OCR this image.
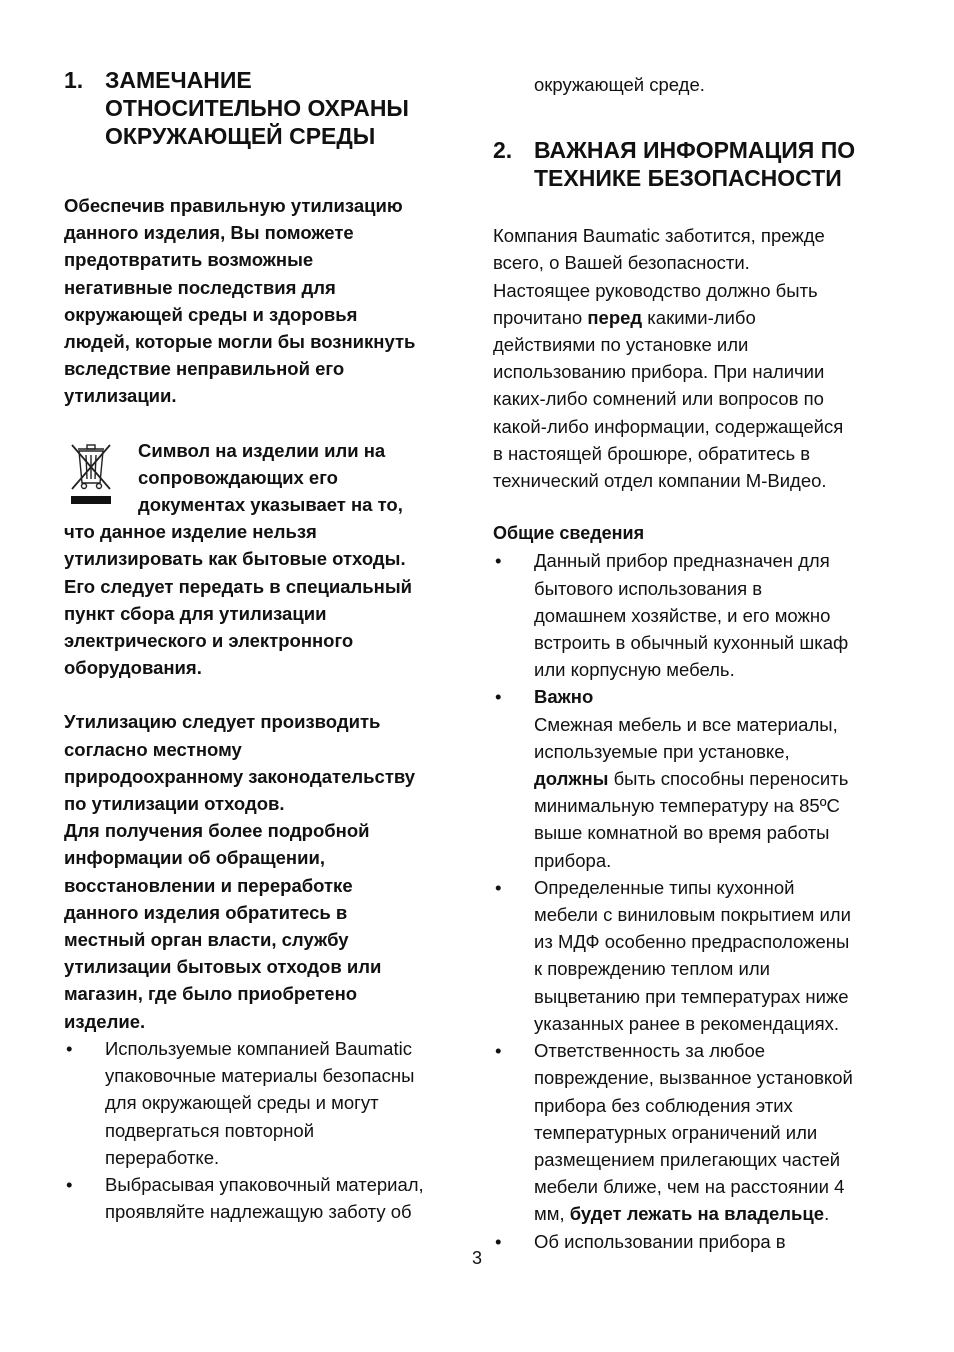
1. ЗАМЕЧАНИЕ
ОТНОСИТЕЛЬНО ОХРАНЫ
ОКРУЖАЮЩЕЙ СРЕДЫ

Обеспечив правильную утилизацию
данного изделия, Вы поможете
предотвратить возможные
негативные последствия для
окружающей среды и здоровья
людей, которые могли бы возникнуть
вследствие неправильной его
утилизации.

Символ на изделии или на
сопровождающих его
документах указывает на то,
что данное изделие нельзя
утилизировать как бытовые отходы.
Его следует передать в специальный
пункт сбора для утилизации
электрического и электронного
оборудования.

Утилизацию следует производить
согласно местному
природоохранному законодательству
по утилизации отходов.
Для получения более подробной
информации об обращении,
восстановлении и переработке
данного изделия обратитесь в
местный орган власти, службу
утилизации бытовых отходов или
магазин, где было приобретено
изделие.

• Используемые компанией Baumatic
упаковочные материалы безопасны
для окружающей среды и могут
подвергаться повторной
переработке.
• Выбрасывая упаковочный материал,
проявляйте надлежащую заботу об

окружающей среде.

2. ВАЖНАЯ ИНФОРМАЦИЯ ПО
ТЕХНИКЕ БЕЗОПАСНОСТИ

Компания Baumatic заботится, прежде
всего, о Вашей безопасности.
Настоящее руководство должно быть
прочитано перед какими-либо
действиями по установке или
использованию прибора. При наличии
каких-либо сомнений или вопросов по
какой-либо информации, содержащейся
в настоящей брошюре, обратитесь в
технический отдел компании М-Видео.

Общие сведения
• Данный прибор предназначен для
бытового использования в
домашнем хозяйстве, и его можно
встроить в обычный кухонный шкаф
или корпусную мебель.
• Важно
Смежная мебель и все материалы,
используемые при установке,
должны быть способны переносить
минимальную температуру на 85ºC
выше комнатной во время работы
прибора.
• Определенные типы кухонной
мебели с виниловым покрытием или
из МДФ особенно предрасположены
к повреждению теплом или
выцветанию при температурах ниже
указанных ранее в рекомендациях.
• Ответственность за любое
повреждение, вызванное установкой
прибора без соблюдения этих
температурных ограничений или
размещением прилегающих частей
мебели ближе, чем на расстоянии 4
мм, будет лежать на владельце.
• Об использовании прибора в
3
